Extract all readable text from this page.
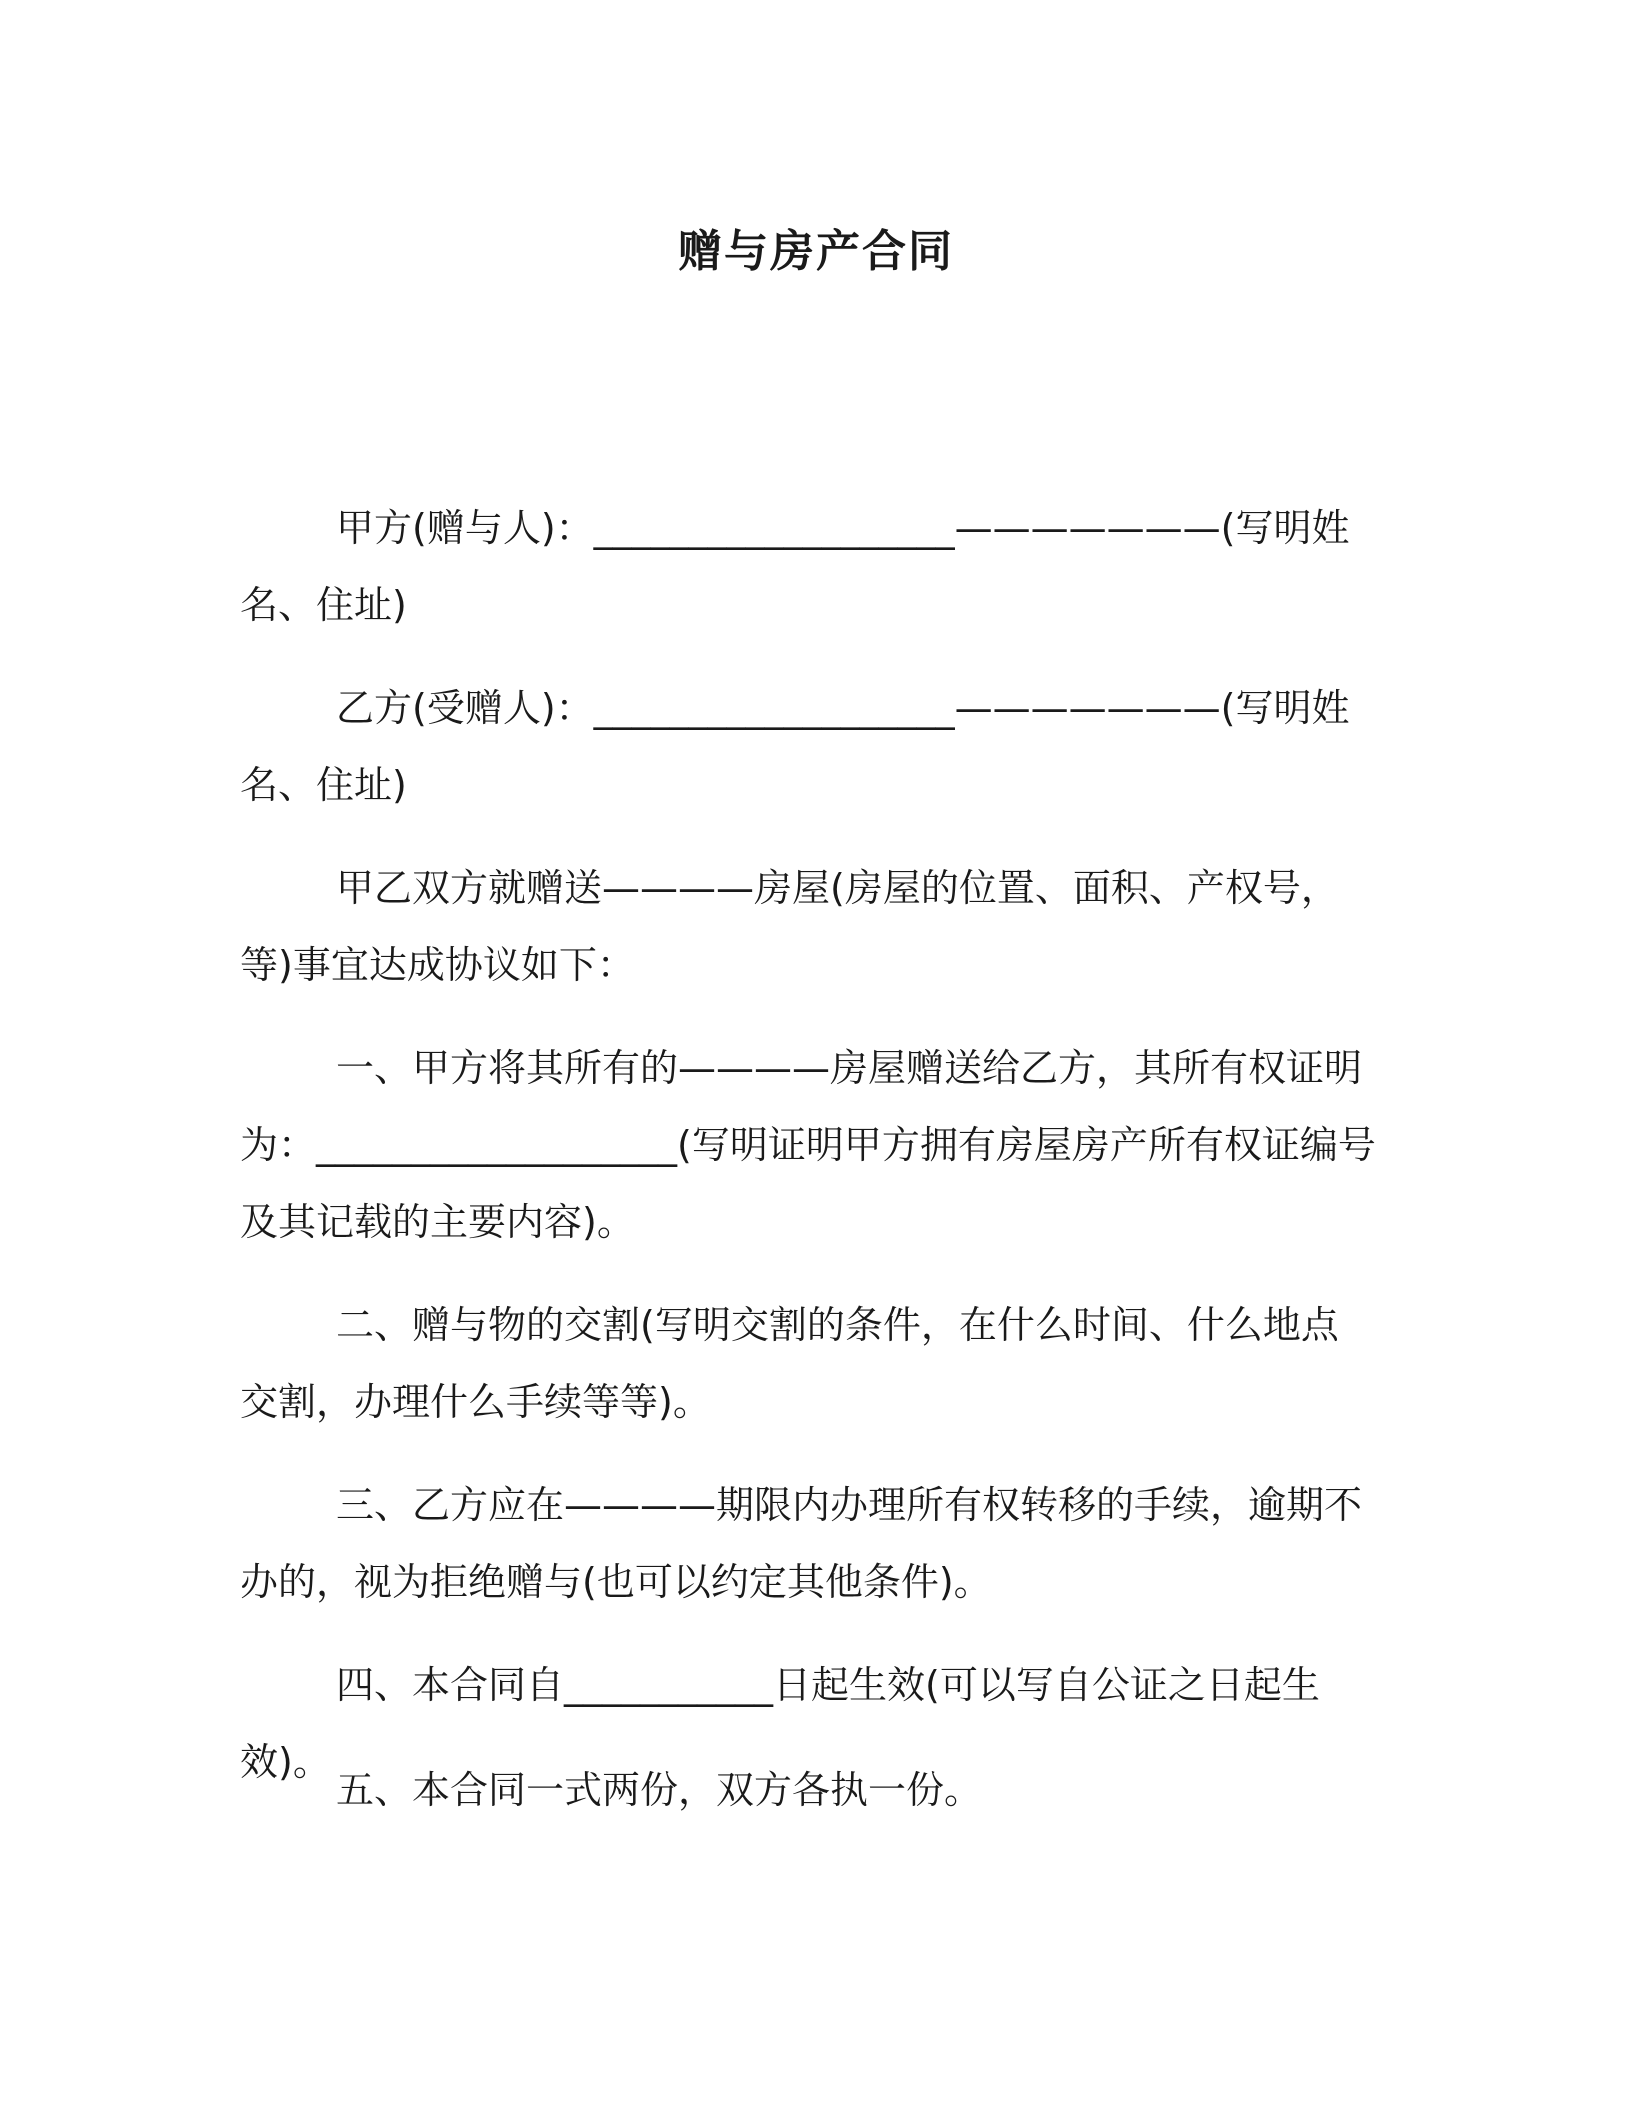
赠与房产合同

甲方(赠与人)：___________________———————(写明姓名、住址)

乙方(受赠人)：___________________———————(写明姓名、住址)

甲乙双方就赠送————房屋(房屋的位置、面积、产权号，等)事宜达成协议如下：

一、甲方将其所有的————房屋赠送给乙方，其所有权证明为：___________________(写明证明甲方拥有房屋房产所有权证编号及其记载的主要内容)。

二、赠与物的交割(写明交割的条件，在什么时间、什么地点交割，办理什么手续等等)。

三、乙方应在————期限内办理所有权转移的手续，逾期不办的，视为拒绝赠与(也可以约定其他条件)。

四、本合同自___________日起生效(可以写自公证之日起生效)。

五、本合同一式两份，双方各执一份。
